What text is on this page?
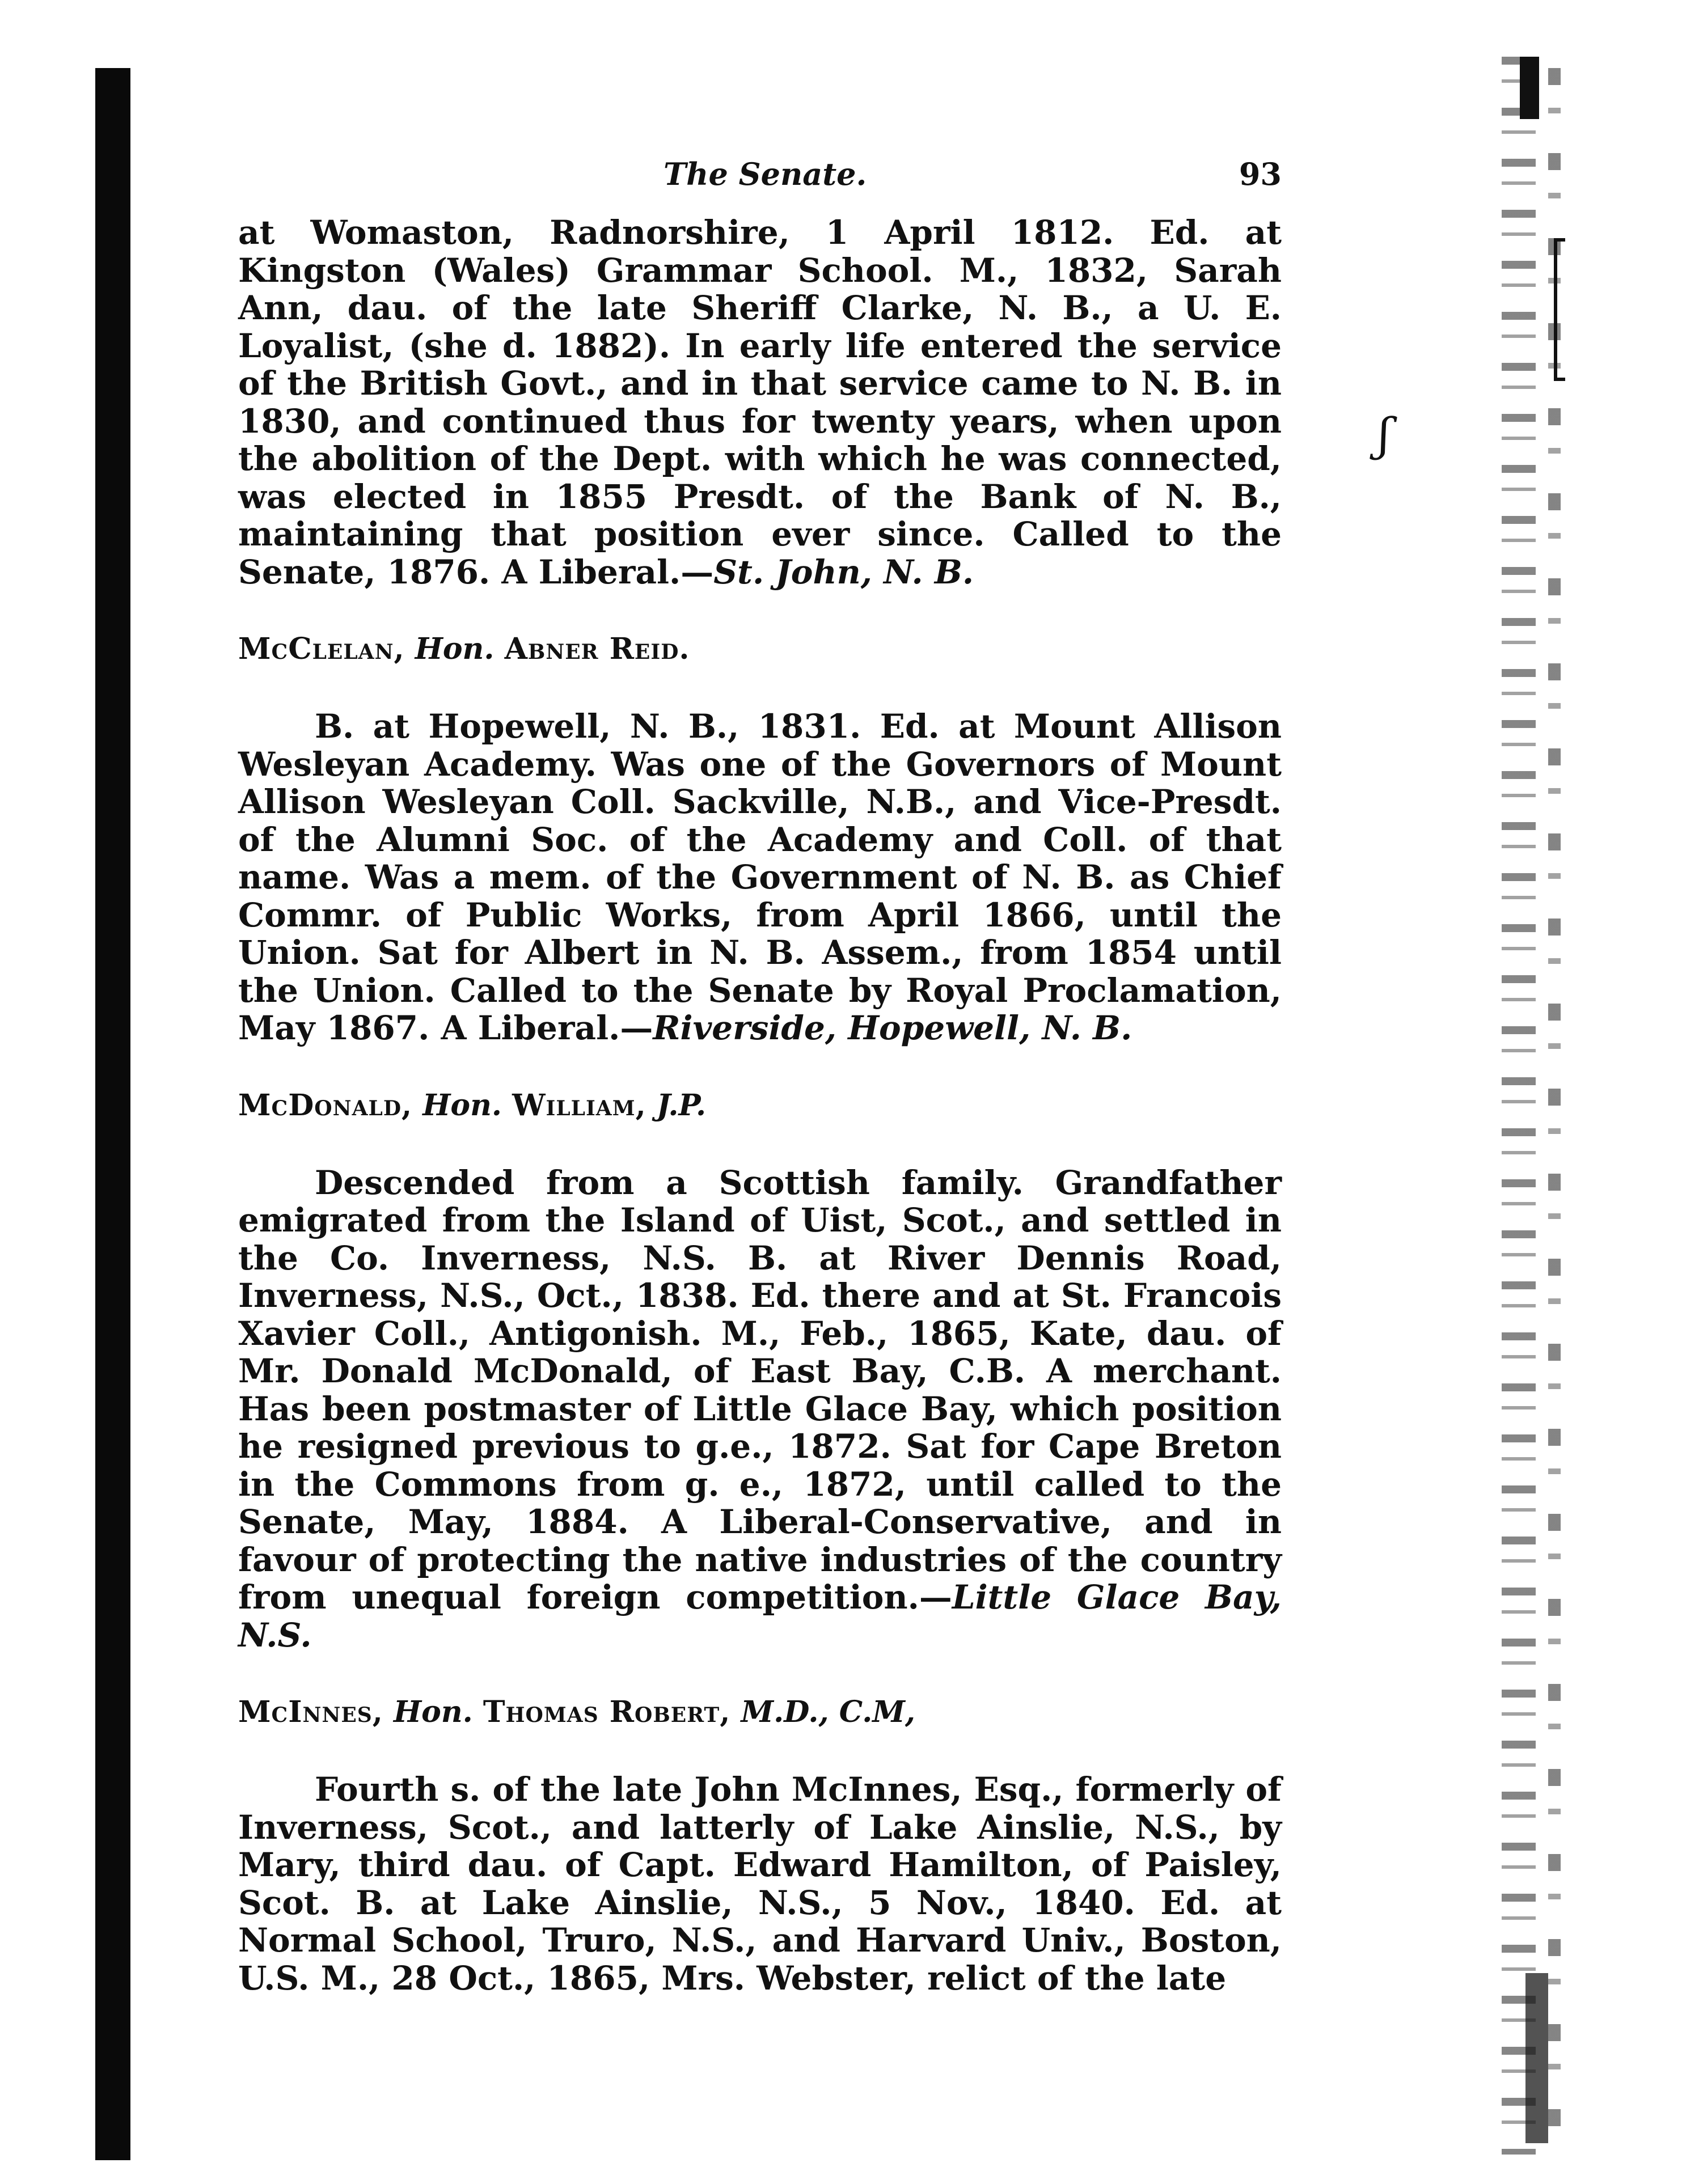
ʃ
The Senate.	93

at Womaston, Radnorshire, 1 April 1812. Ed. at Kingston (Wales) Grammar School. M., 1832, Sarah Ann, dau. of the late Sheriff Clarke, N. B., a U. E. Loyalist, (she d. 1882). In early life entered the service of the British Govt., and in that service came to N. B. in 1830, and continued thus for twenty years, when upon the abolition of the Dept. with which he was connected, was elected in 1855 Presdt. of the Bank of N. B., maintaining that position ever since. Called to the Senate, 1876. A Liberal.—St. John, N. B.

McClelan, Hon. Abner Reid.

B. at Hopewell, N. B., 1831. Ed. at Mount Allison Wesleyan Academy. Was one of the Governors of Mount Allison Wesleyan Coll. Sackville, N.B., and Vice-Presdt. of the Alumni Soc. of the Academy and Coll. of that name. Was a mem. of the Government of N. B. as Chief Commr. of Public Works, from April 1866, until the Union. Sat for Albert in N. B. Assem., from 1854 until the Union. Called to the Senate by Royal Proclamation, May 1867. A Liberal.—Riverside, Hopewell, N. B.

McDonald, Hon. William, J.P.

Descended from a Scottish family. Grandfather emigrated from the Island of Uist, Scot., and settled in the Co. Inverness, N.S. B. at River Dennis Road, Inverness, N.S., Oct., 1838. Ed. there and at St. Francois Xavier Coll., Antigonish. M., Feb., 1865, Kate, dau. of Mr. Donald McDonald, of East Bay, C.B. A merchant. Has been postmaster of Little Glace Bay, which position he resigned previous to g.e., 1872. Sat for Cape Breton in the Commons from g. e., 1872, until called to the Senate, May, 1884. A Liberal-Conservative, and in favour of protecting the native industries of the country from unequal foreign competition.—Little Glace Bay, N.S.

McInnes, Hon. Thomas Robert, M.D., C.M,

Fourth s. of the late John McInnes, Esq., formerly of Inverness, Scot., and latterly of Lake Ainslie, N.S., by Mary, third dau. of Capt. Edward Hamilton, of Paisley, Scot. B. at Lake Ainslie, N.S., 5 Nov., 1840. Ed. at Normal School, Truro, N.S., and Harvard Univ., Boston, U.S. M., 28 Oct., 1865, Mrs. Webster, relict of the late
